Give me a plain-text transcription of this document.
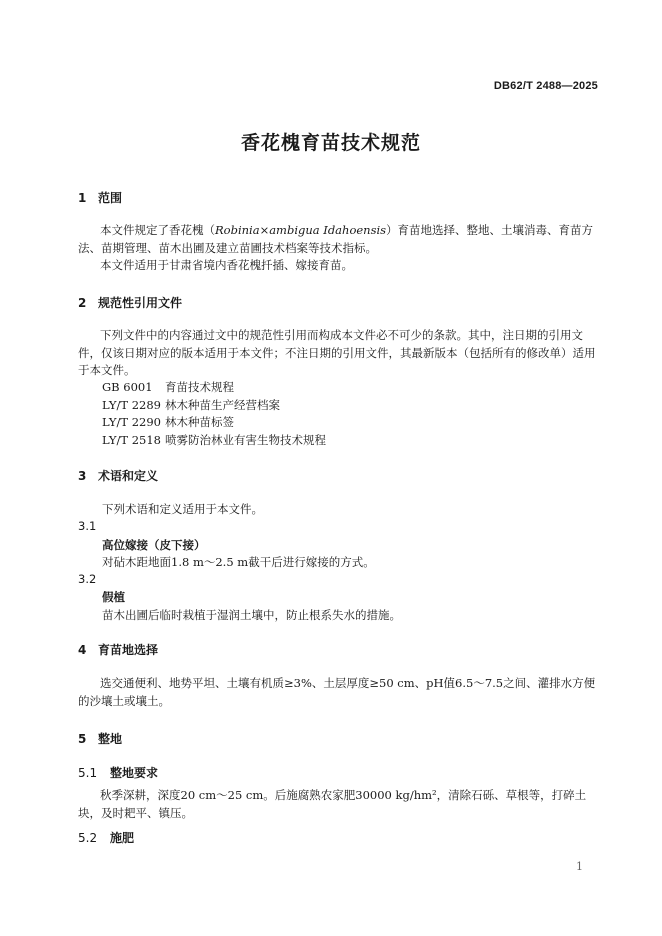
DB62/T 2488—2025
香花槐育苗技术规范
1 范围

本文件规定了香花槐（Robinia×ambigua Idahoensis）育苗地选择、整地、土壤消毒、育苗方法、苗期管理、苗木出圃及建立苗圃技术档案等技术指标。

本文件适用于甘肃省境内香花槐扦插、嫁接育苗。

2 规范性引用文件

下列文件中的内容通过文中的规范性引用而构成本文件必不可少的条款。其中，注日期的引用文件，仅该日期对应的版本适用于本文件；不注日期的引用文件，其最新版本（包括所有的修改单）适用于本文件。

GB 6001 育苗技术规程
LY/T 2289 林木种苗生产经营档案
LY/T 2290 林木种苗标签
LY/T 2518 喷雾防治林业有害生物技术规程
3 术语和定义
下列术语和定义适用于本文件。
3.1
高位嫁接（皮下接）
对砧木距地面1.8 m～2.5 m截干后进行嫁接的方式。
3.2
假植
苗木出圃后临时栽植于湿润土壤中，防止根系失水的措施。
4 育苗地选择

选交通便利、地势平坦、土壤有机质≥3%、土层厚度≥50 cm、pH值6.5～7.5之间、灌排水方便的沙壤土或壤土。

5 整地
5.1 整地要求

秋季深耕，深度20 cm～25 cm。后施腐熟农家肥30000 kg/hm²，清除石砾、草根等，打碎土块，及时耙平、镇压。

5.2 施肥
1
